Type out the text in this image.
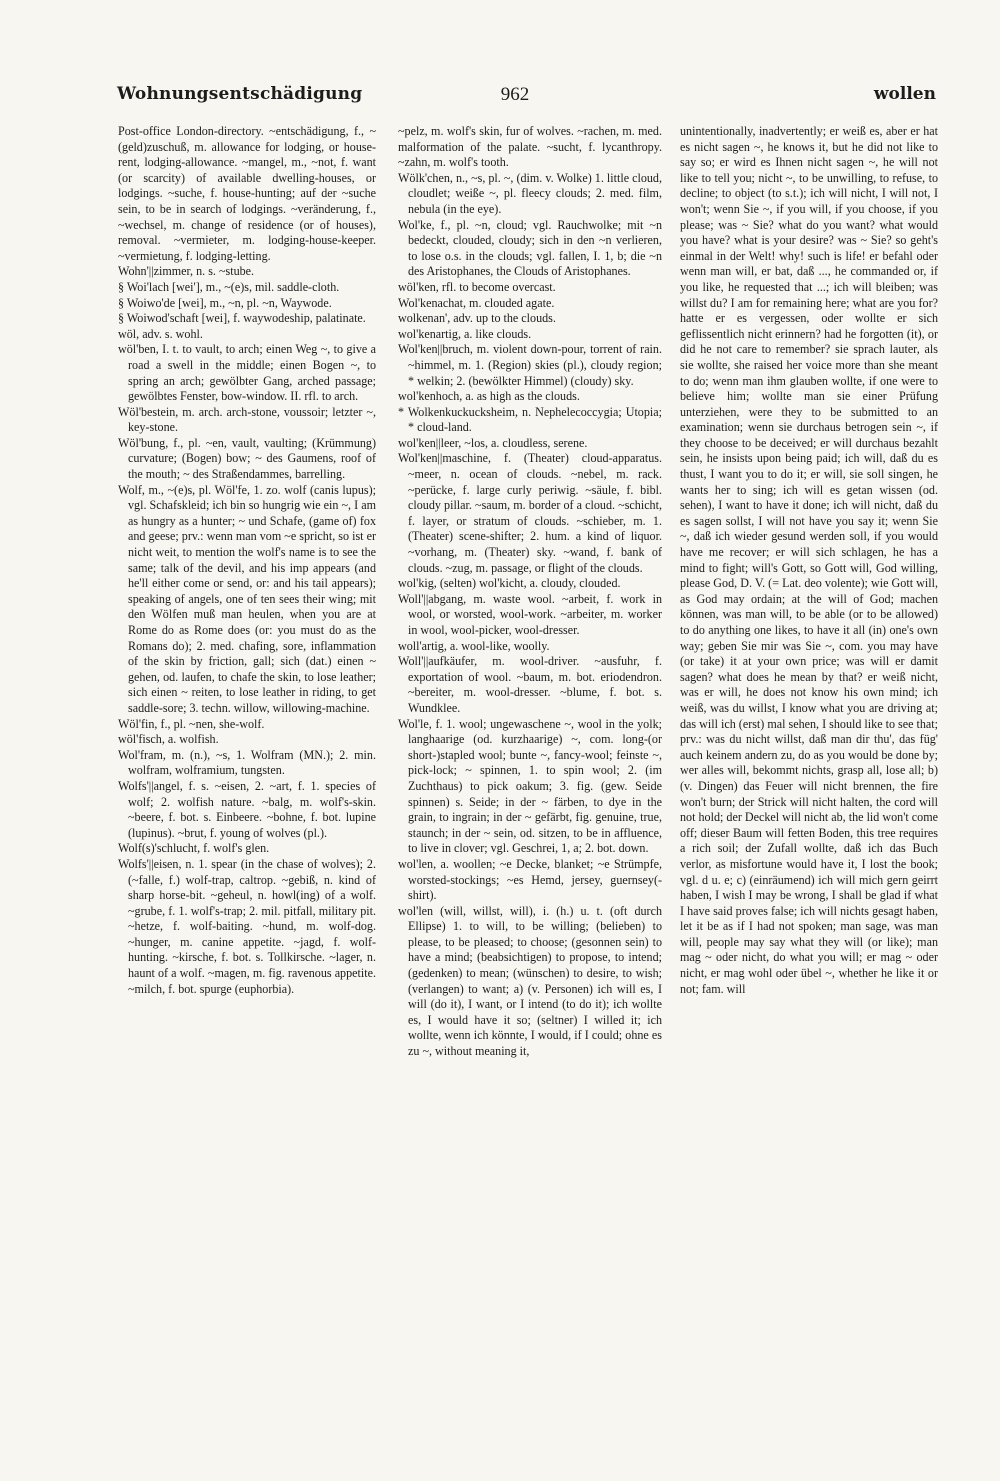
Wohnungsentschädigung	962	wollen

Post-office London-directory. ~entschädigung, f., ~(geld)zuschuß, m. allowance for lodging, or house-rent, lodging-allowance. ~mangel, m., ~not, f. want (or scarcity) of available dwelling-houses, or lodgings. ~suche, f. house-hunting; auf der ~suche sein, to be in search of lodgings. ~veränderung, f., ~wechsel, m. change of residence (or of houses), removal. ~vermieter, m. lodging-house-keeper. ~vermietung, f. lodging-letting.

Wohn'||zimmer, n. s. ~stube.

§ Woi'lach [wei'], m., ~(e)s, mil. saddle-cloth.

§ Woiwo'de [wei], m., ~n, pl. ~n, Waywode.

§ Woiwod'schaft [wei], f. waywodeship, palatinate.

wöl, adv. s. wohl.

wöl'ben, I. t. to vault, to arch; einen Weg ~, to give a road a swell in the middle; einen Bogen ~, to spring an arch; gewölbter Gang, arched passage; gewölbtes Fenster, bow-window. II. rfl. to arch.

Wöl'bestein, m. arch. arch-stone, voussoir; letzter ~, key-stone.

Wöl'bung, f., pl. ~en, vault, vaulting; (Krümmung) curvature; (Bogen) bow; ~ des Gaumens, roof of the mouth; ~ des Straßendammes, barrelling.

Wolf, m., ~(e)s, pl. Wöl'fe, 1. zo. wolf (canis lupus); vgl. Schafskleid; ich bin so hungrig wie ein ~, I am as hungry as a hunter; ~ und Schafe, (game of) fox and geese; prv.: wenn man vom ~e spricht, so ist er nicht weit, to mention the wolf's name is to see the same; talk of the devil, and his imp appears (and he'll either come or send, or: and his tail appears); speaking of angels, one of ten sees their wing; mit den Wölfen muß man heulen, when you are at Rome do as Rome does (or: you must do as the Romans do); 2. med. chafing, sore, inflammation of the skin by friction, gall; sich (dat.) einen ~ gehen, od. laufen, to chafe the skin, to lose leather; sich einen ~ reiten, to lose leather in riding, to get saddle-sore; 3. techn. willow, willowing-machine.

Wöl'fin, f., pl. ~nen, she-wolf.

wöl'fisch, a. wolfish.

Wol'fram, m. (n.), ~s, 1. Wolfram (MN.); 2. min. wolfram, wolframium, tungsten.

Wolfs'||angel, f. s. ~eisen, 2. ~art, f. 1. species of wolf; 2. wolfish nature. ~balg, m. wolf's-skin. ~beere, f. bot. s. Einbeere. ~bohne, f. bot. lupine (lupinus). ~brut, f. young of wolves (pl.).

Wolf(s)'schlucht, f. wolf's glen.

Wolfs'||eisen, n. 1. spear (in the chase of wolves); 2. (~falle, f.) wolf-trap, caltrop. ~gebiß, n. kind of sharp horse-bit. ~geheul, n. howl(ing) of a wolf. ~grube, f. 1. wolf's-trap; 2. mil. pitfall, military pit. ~hetze, f. wolf-baiting. ~hund, m. wolf-dog. ~hunger, m. canine appetite. ~jagd, f. wolf-hunting. ~kirsche, f. bot. s. Tollkirsche. ~lager, n. haunt of a wolf. ~magen, m. fig. ravenous appetite. ~milch, f. bot. spurge (euphorbia).

~pelz, m. wolf's skin, fur of wolves. ~rachen, m. med. malformation of the palate. ~sucht, f. lycanthropy. ~zahn, m. wolf's tooth.

Wölk'chen, n., ~s, pl. ~, (dim. v. Wolke) 1. little cloud, cloudlet; weiße ~, pl. fleecy clouds; 2. med. film, nebula (in the eye).

Wol'ke, f., pl. ~n, cloud; vgl. Rauchwolke; mit ~n bedeckt, clouded, cloudy; sich in den ~n verlieren, to lose o.s. in the clouds; vgl. fallen, I. 1, b; die ~n des Aristophanes, the Clouds of Aristophanes.

wöl'ken, rfl. to become overcast.

Wol'kenachat, m. clouded agate.

wolkenan', adv. up to the clouds.

wol'kenartig, a. like clouds.

Wol'ken||bruch, m. violent down-pour, torrent of rain. ~himmel, m. 1. (Region) skies (pl.), cloudy region; * welkin; 2. (bewölkter Himmel) (cloudy) sky.

wol'kenhoch, a. as high as the clouds.

* Wolkenkuckucksheim, n. Nephelecoccygia; Utopia; * cloud-land.

wol'ken||leer, ~los, a. cloudless, serene.

Wol'ken||maschine, f. (Theater) cloud-apparatus. ~meer, n. ocean of clouds. ~nebel, m. rack. ~perücke, f. large curly periwig. ~säule, f. bibl. cloudy pillar. ~saum, m. border of a cloud. ~schicht, f. layer, or stratum of clouds. ~schieber, m. 1. (Theater) scene-shifter; 2. hum. a kind of liquor. ~vorhang, m. (Theater) sky. ~wand, f. bank of clouds. ~zug, m. passage, or flight of the clouds.

wol'kig, (selten) wol'kicht, a. cloudy, clouded.

Woll'||abgang, m. waste wool. ~arbeit, f. work in wool, or worsted, wool-work. ~arbeiter, m. worker in wool, wool-picker, wool-dresser.

woll'artig, a. wool-like, woolly.

Woll'||aufkäufer, m. wool-driver. ~ausfuhr, f. exportation of wool. ~baum, m. bot. eriodendron. ~bereiter, m. wool-dresser. ~blume, f. bot. s. Wundklee.

Wol'le, f. 1. wool; ungewaschene ~, wool in the yolk; langhaarige (od. kurzhaarige) ~, com. long-(or short-)stapled wool; bunte ~, fancy-wool; feinste ~, pick-lock; ~ spinnen, 1. to spin wool; 2. (im Zuchthaus) to pick oakum; 3. fig. (gew. Seide spinnen) s. Seide; in der ~ färben, to dye in the grain, to ingrain; in der ~ gefärbt, fig. genuine, true, staunch; in der ~ sein, od. sitzen, to be in affluence, to live in clover; vgl. Geschrei, 1, a; 2. bot. down.

wol'len, a. woollen; ~e Decke, blanket; ~e Strümpfe, worsted-stockings; ~es Hemd, jersey, guernsey(-shirt).

wol'len (will, willst, will), i. (h.) u. t. (oft durch Ellipse) 1. to will, to be willing; (belieben) to please, to be pleased; to choose; (gesonnen sein) to have a mind; (beabsichtigen) to propose, to intend; (gedenken) to mean; (wünschen) to desire, to wish; (verlangen) to want; a) (v. Personen) ich will es, I will (do it), I want, or I intend (to do it); ich wollte es, I would have it so; (seltner) I willed it; ich wollte, wenn ich könnte, I would, if I could; ohne es zu ~, without meaning it,

unintentionally, inadvertently; er weiß es, aber er hat es nicht sagen ~, he knows it, but he did not like to say so; er wird es Ihnen nicht sagen ~, he will not like to tell you; nicht ~, to be unwilling, to refuse, to decline; to object (to s.t.); ich will nicht, I will not, I won't; wenn Sie ~, if you will, if you choose, if you please; was ~ Sie? what do you want? what would you have? what is your desire? was ~ Sie? so geht's einmal in der Welt! why! such is life! er befahl oder wenn man will, er bat, daß ..., he commanded or, if you like, he requested that ...; ich will bleiben; was willst du? I am for remaining here; what are you for? hatte er es vergessen, oder wollte er sich geflissentlich nicht erinnern? had he forgotten (it), or did he not care to remember? sie sprach lauter, als sie wollte, she raised her voice more than she meant to do; wenn man ihm glauben wollte, if one were to believe him; wollte man sie einer Prüfung unterziehen, were they to be submitted to an examination; wenn sie durchaus betrogen sein ~, if they choose to be deceived; er will durchaus bezahlt sein, he insists upon being paid; ich will, daß du es thust, I want you to do it; er will, sie soll singen, he wants her to sing; ich will es getan wissen (od. sehen), I want to have it done; ich will nicht, daß du es sagen sollst, I will not have you say it; wenn Sie ~, daß ich wieder gesund werden soll, if you would have me recover; er will sich schlagen, he has a mind to fight; will's Gott, so Gott will, God willing, please God, D. V. (= Lat. deo volente); wie Gott will, as God may ordain; at the will of God; machen können, was man will, to be able (or to be allowed) to do anything one likes, to have it all (in) one's own way; geben Sie mir was Sie ~, com. you may have (or take) it at your own price; was will er damit sagen? what does he mean by that? er weiß nicht, was er will, he does not know his own mind; ich weiß, was du willst, I know what you are driving at; das will ich (erst) mal sehen, I should like to see that; prv.: was du nicht willst, daß man dir thu', das füg' auch keinem andern zu, do as you would be done by; wer alles will, bekommt nichts, grasp all, lose all; b) (v. Dingen) das Feuer will nicht brennen, the fire won't burn; der Strick will nicht halten, the cord will not hold; der Deckel will nicht ab, the lid won't come off; dieser Baum will fetten Boden, this tree requires a rich soil; der Zufall wollte, daß ich das Buch verlor, as misfortune would have it, I lost the book; vgl. d u. e; c) (einräumend) ich will mich gern geirrt haben, I wish I may be wrong, I shall be glad if what I have said proves false; ich will nichts gesagt haben, let it be as if I had not spoken; man sage, was man will, people may say what they will (or like); man mag ~ oder nicht, do what you will; er mag ~ oder nicht, er mag wohl oder übel ~, whether he like it or not; fam. will
